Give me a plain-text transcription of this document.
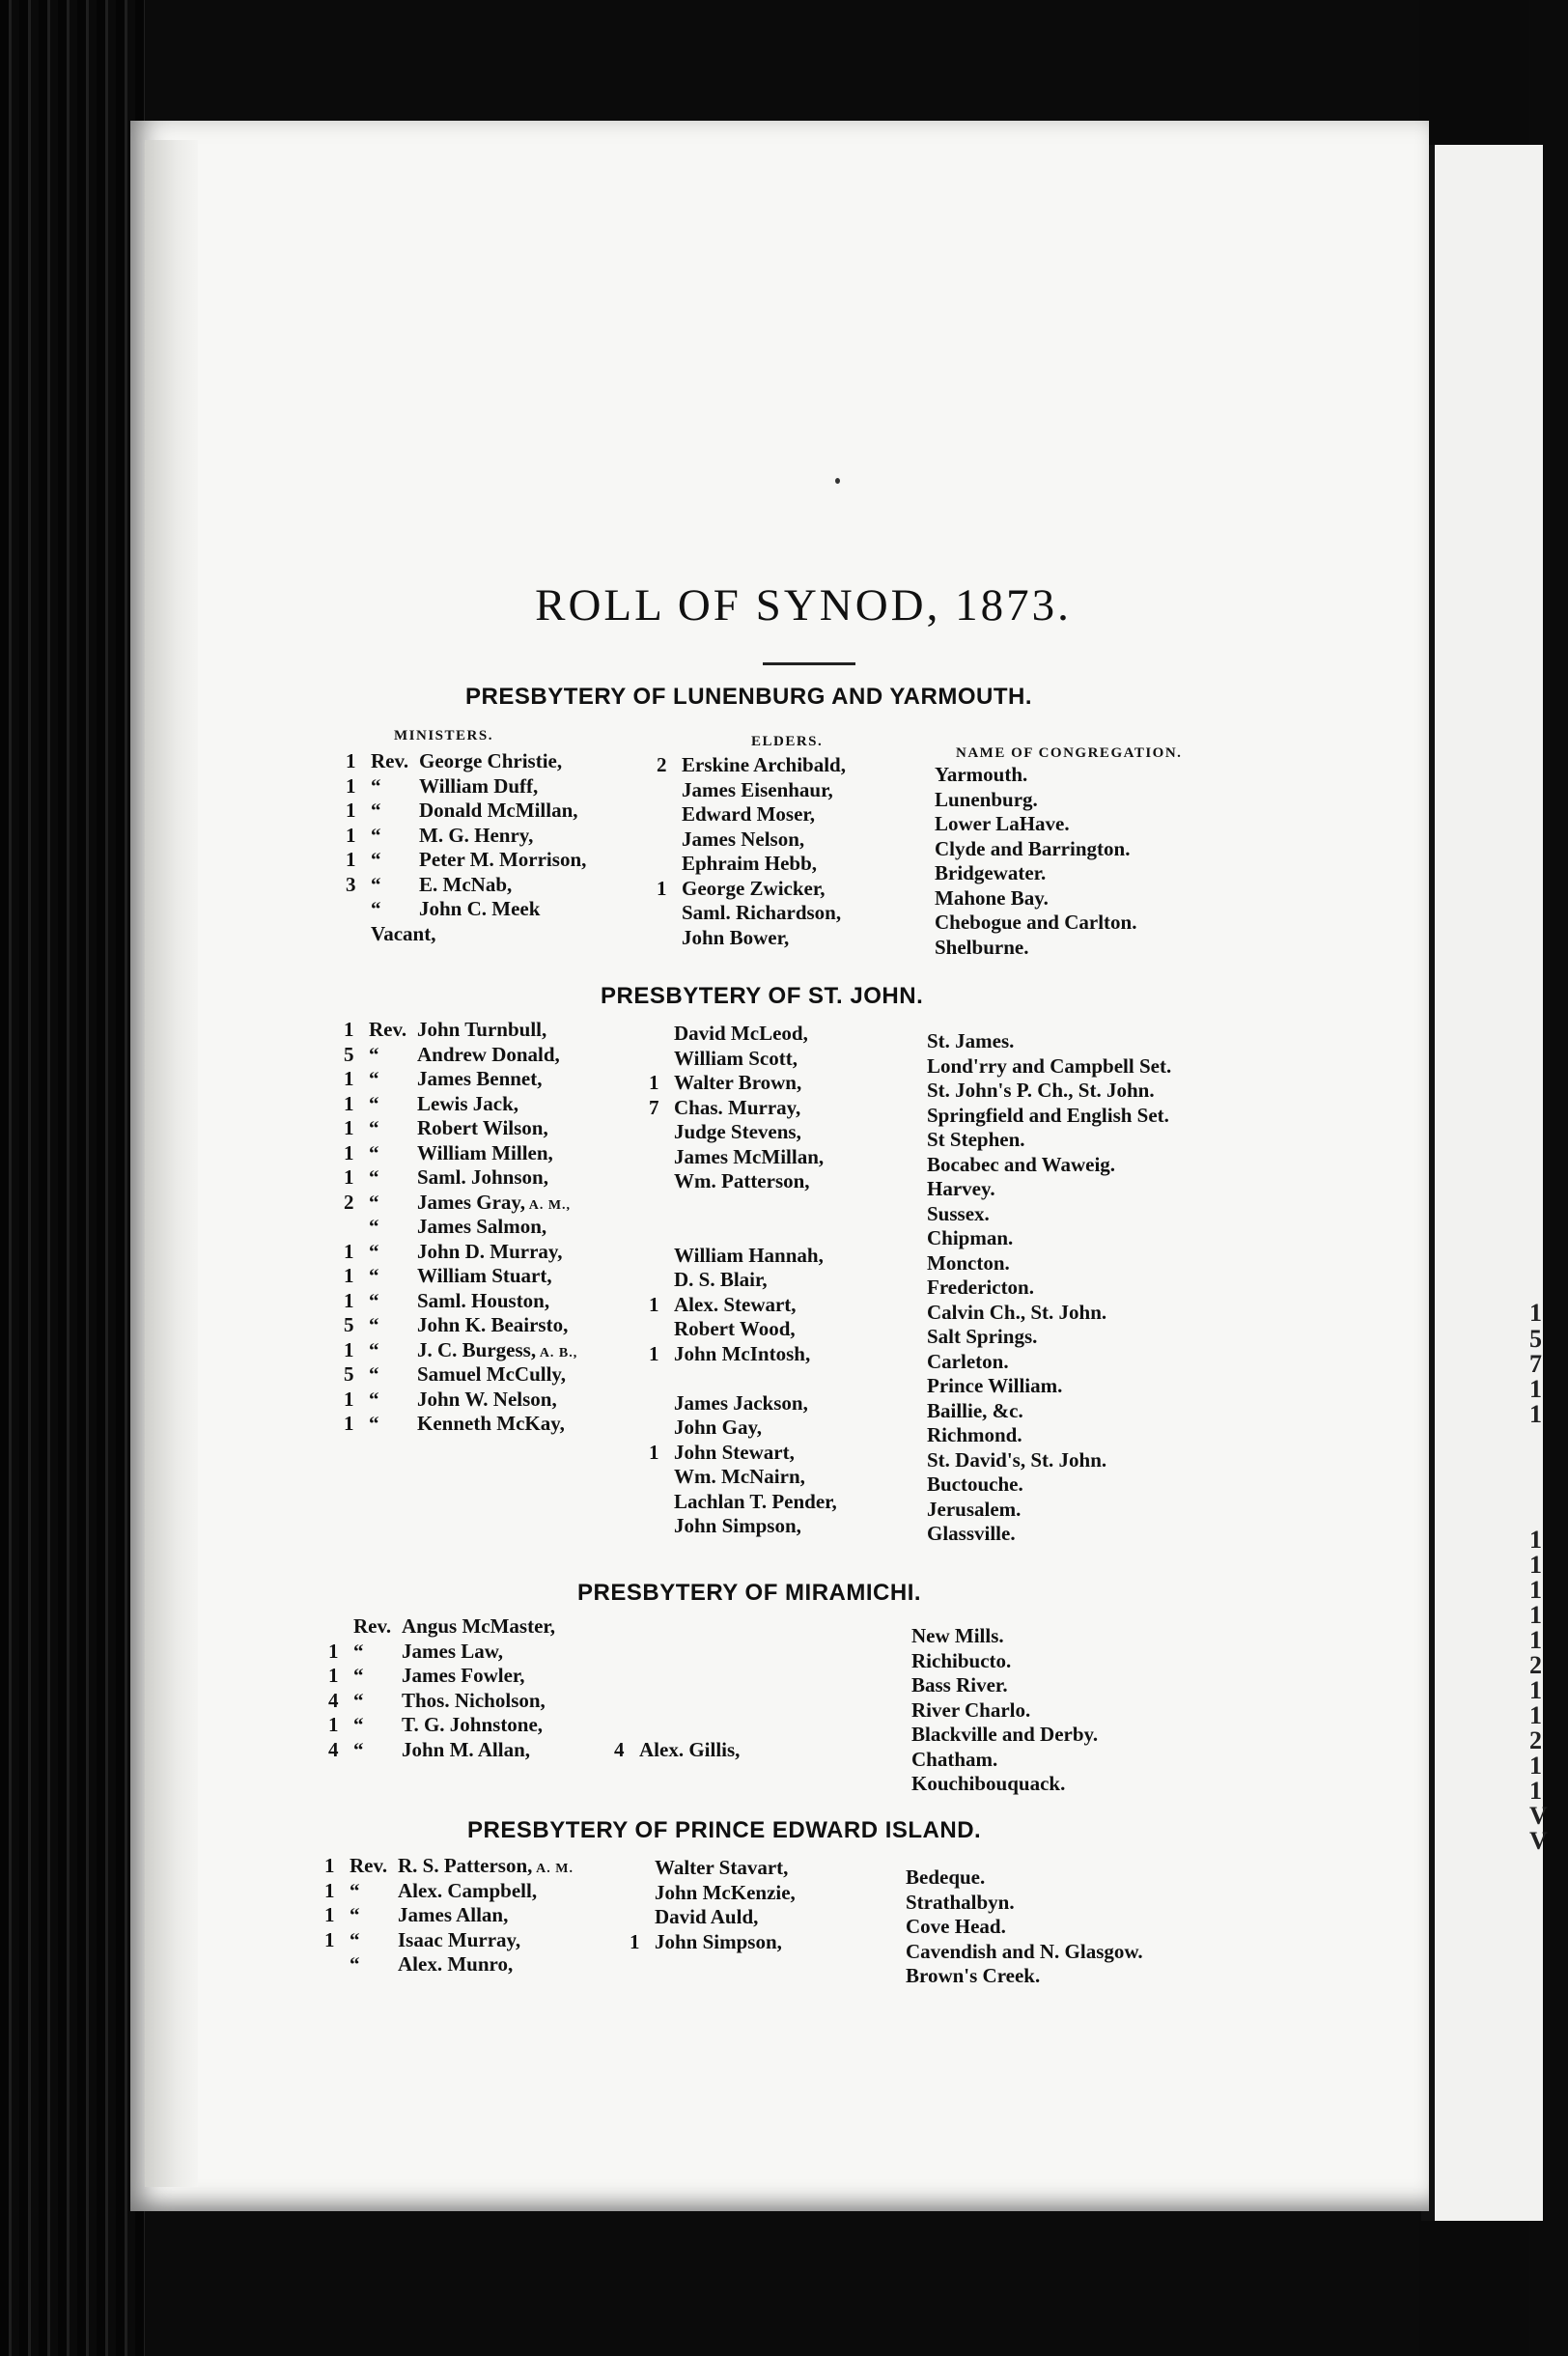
1
5
7
1
1
1
1
1
1
1
2
1
1
2
1
1
V
V
ROLL OF SYNOD, 1873.
PRESBYTERY OF LUNENBURG AND YARMOUTH.
MINISTERS.	ELDERS.
NAME OF CONGREGATION.
1 Rev. George Christie,
1 “ William Duff,
1 “ Donald McMillan,
1 “ M. G. Henry,
1 “ Peter M. Morrison,
3 “ E. McNab,
“ John C. Meek
Vacant,
2 Erskine Archibald,
James Eisenhaur,
Edward Moser,
James Nelson,
Ephraim Hebb,
1 George Zwicker,
Saml. Richardson,
John Bower,
Yarmouth.
Lunenburg.
Lower LaHave.
Clyde and Barrington.
Bridgewater.
Mahone Bay.
Chebogue and Carlton.
Shelburne.
PRESBYTERY OF ST. JOHN.
1 Rev. John Turnbull,
5 “ Andrew Donald,
1 “ James Bennet,
1 “ Lewis Jack,
1 “ Robert Wilson,
1 “ William Millen,
1 “ Saml. Johnson,
2 “ James Gray, A. M.,
“ James Salmon,
1 “ John D. Murray,
1 “ William Stuart,
1 “ Saml. Houston,
5 “ John K. Beairsto,
1 “ J. C. Burgess, A. B.,
5 “ Samuel McCully,
1 “ John W. Nelson,
1 “ Kenneth McKay,
David McLeod,
William Scott,
1 Walter Brown,
7 Chas. Murray,
Judge Stevens,
James McMillan,
Wm. Patterson,
William Hannah,
D. S. Blair,
1 Alex. Stewart,
Robert Wood,
1 John McIntosh,
James Jackson,
John Gay,
1 John Stewart,
Wm. McNairn,
Lachlan T. Pender,
John Simpson,
St. James.
Lond'rry and Campbell Set.
St. John's P. Ch., St. John.
Springfield and English Set.
St Stephen.
Bocabec and Waweig.
Harvey.
Sussex.
Chipman.
Moncton.
Fredericton.
Calvin Ch., St. John.
Salt Springs.
Carleton.
Prince William.
Baillie, &c.
Richmond.
St. David's, St. John.
Buctouche.
Jerusalem.
Glassville.
PRESBYTERY OF MIRAMICHI.
Rev. Angus McMaster,
1 “ James Law,
1 “ James Fowler,
4 “ Thos. Nicholson,
1 “ T. G. Johnstone,
4 “ John M. Allan,	4 Alex. Gillis,
New Mills.
Richibucto.
Bass River.
River Charlo.
Blackville and Derby.
Chatham.
Kouchibouquack.
PRESBYTERY OF PRINCE EDWARD ISLAND.
1 Rev. R. S. Patterson, A. M.
1 “ Alex. Campbell,
1 “ James Allan,
1 “ Isaac Murray,
“ Alex. Munro,
Walter Stavart,
John McKenzie,
David Auld,
1 John Simpson,
Bedeque.
Strathalbyn.
Cove Head.
Cavendish and N. Glasgow.
Brown's Creek.
